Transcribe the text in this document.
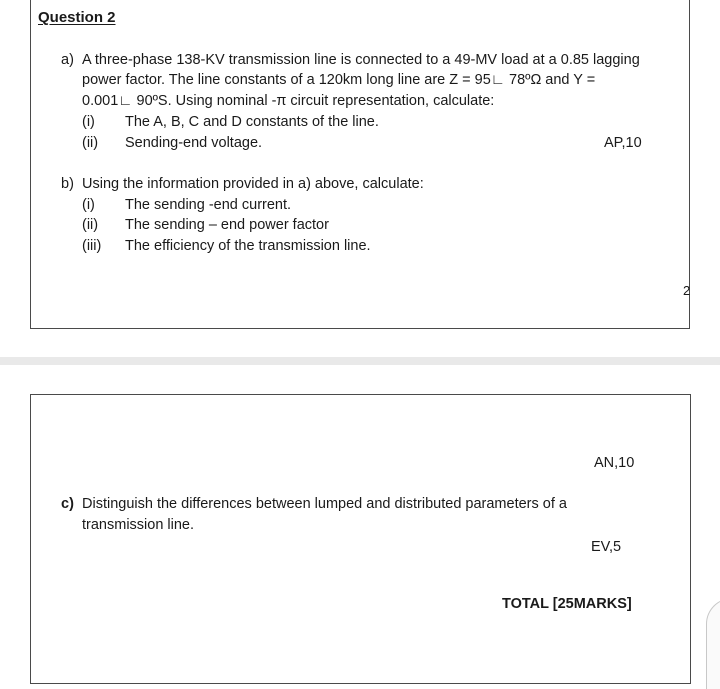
Question 2
a) A three-phase 138-KV transmission line is connected to a 49-MV load at a 0.85 lagging
power factor. The line constants of a 120km long line are Z = 95∟ 78ºΩ and Y =
0.001∟ 90ºS. Using nominal -π circuit representation, calculate:
(i) The A, B, C and D constants of the line.
(ii) Sending-end voltage.	AP,10
b) Using the information provided in a) above, calculate:
(i) The sending -end current.
(ii) The sending – end power factor
(iii) The efficiency of the transmission line.
2
AN,10
c) Distinguish the differences between lumped and distributed parameters of a
transmission line.
EV,5
TOTAL [25MARKS]
